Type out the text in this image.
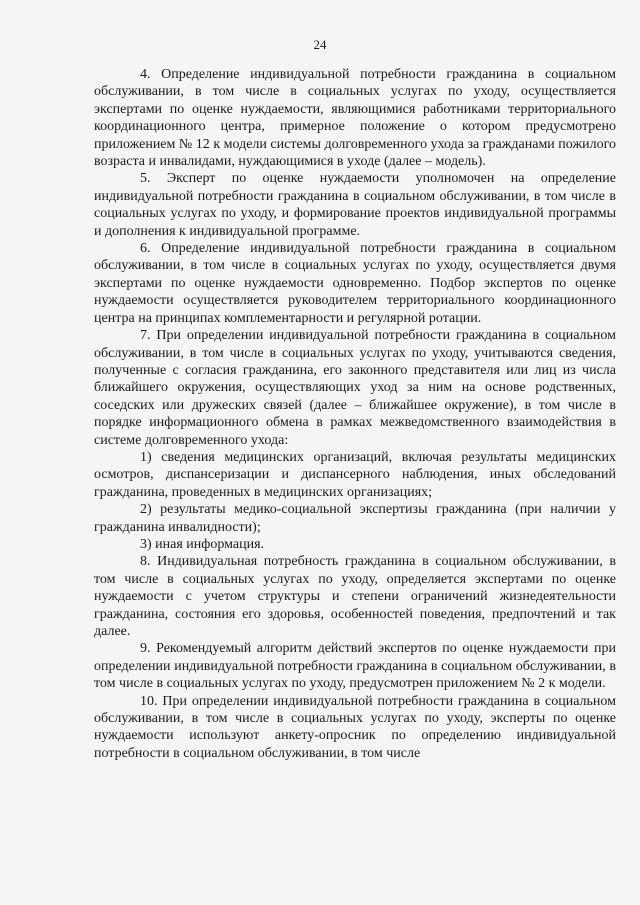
24

4. Определение индивидуальной потребности гражданина в социальном обслуживании, в том числе в социальных услугах по уходу, осуществляется экспертами по оценке нуждаемости, являющимися работниками территориального координационного центра, примерное положение о котором предусмотрено приложением № 12 к модели системы долговременного ухода за гражданами пожилого возраста и инвалидами, нуждающимися в уходе (далее – модель).

5. Эксперт по оценке нуждаемости уполномочен на определение индивидуальной потребности гражданина в социальном обслуживании, в том числе в социальных услугах по уходу, и формирование проектов индивидуальной программы и дополнения к индивидуальной программе.

6. Определение индивидуальной потребности гражданина в социальном обслуживании, в том числе в социальных услугах по уходу, осуществляется двумя экспертами по оценке нуждаемости одновременно. Подбор экспертов по оценке нуждаемости осуществляется руководителем территориального координационного центра на принципах комплементарности и регулярной ротации.

7. При определении индивидуальной потребности гражданина в социальном обслуживании, в том числе в социальных услугах по уходу, учитываются сведения, полученные с согласия гражданина, его законного представителя или лиц из числа ближайшего окружения, осуществляющих уход за ним на основе родственных, соседских или дружеских связей (далее – ближайшее окружение), в том числе в порядке информационного обмена в рамках межведомственного взаимодействия в системе долговременного ухода:

1) сведения медицинских организаций, включая результаты медицинских осмотров, диспансеризации и диспансерного наблюдения, иных обследований гражданина, проведенных в медицинских организациях;

2) результаты медико-социальной экспертизы гражданина (при наличии у гражданина инвалидности);

3) иная информация.

8. Индивидуальная потребность гражданина в социальном обслуживании, в том числе в социальных услугах по уходу, определяется экспертами по оценке нуждаемости с учетом структуры и степени ограничений жизнедеятельности гражданина, состояния его здоровья, особенностей поведения, предпочтений и так далее.

9. Рекомендуемый алгоритм действий экспертов по оценке нуждаемости при определении индивидуальной потребности гражданина в социальном обслуживании, в том числе в социальных услугах по уходу, предусмотрен приложением № 2 к модели.

10. При определении индивидуальной потребности гражданина в социальном обслуживании, в том числе в социальных услугах по уходу, эксперты по оценке нуждаемости используют анкету-опросник по определению индивидуальной потребности в социальном обслуживании, в том числе
